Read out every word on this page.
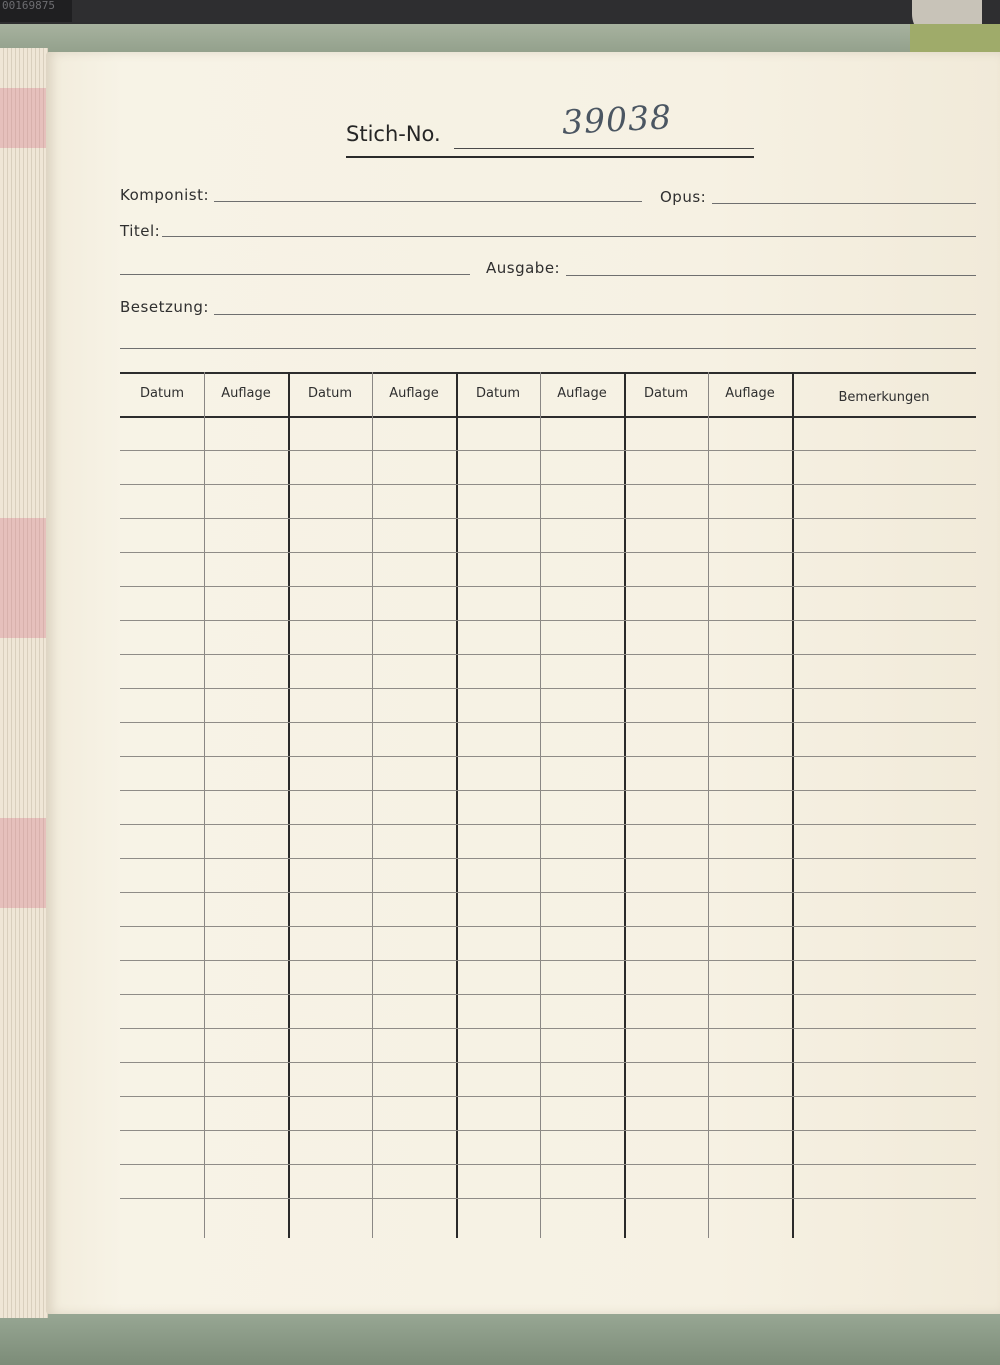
00169875
Stich-No.	39038
Komponist:	Opus:
Titel:
Ausgabe:
Besetzung:
Datum	Auflage	Datum	Auflage	Datum	Auflage	Datum	Auflage	Bemerkungen
